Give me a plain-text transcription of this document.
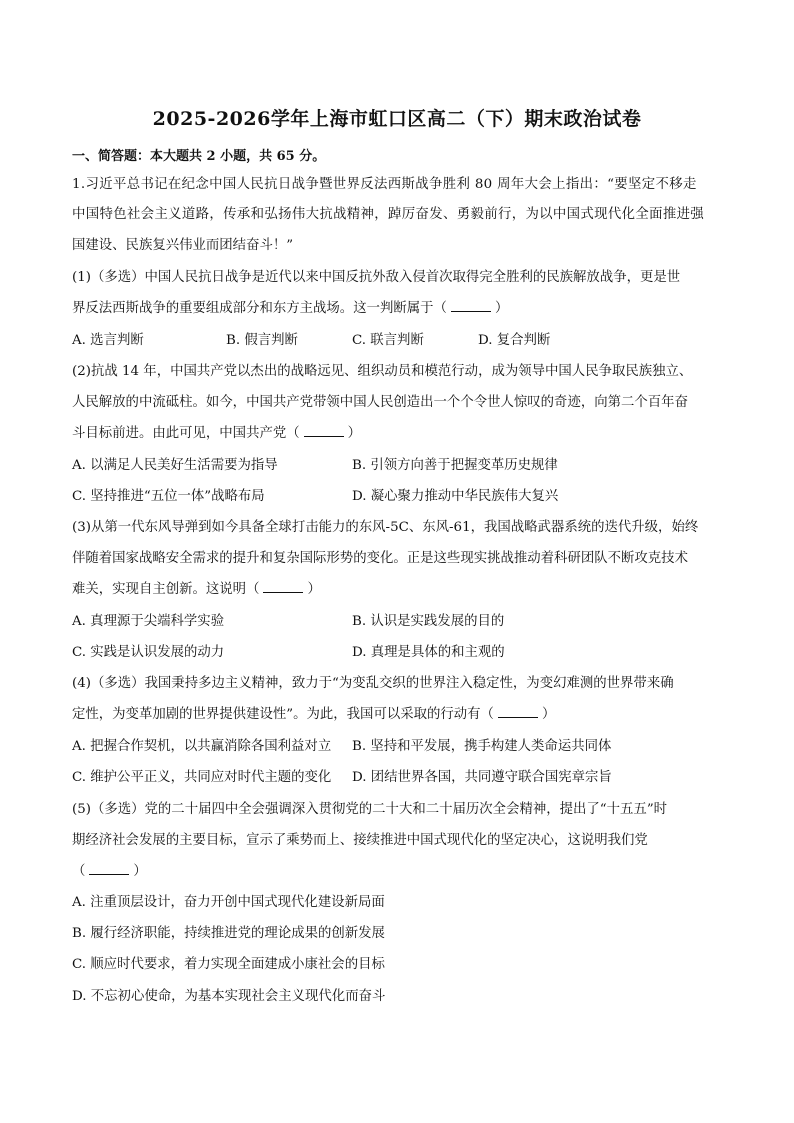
2025-2026学年上海市虹口区高二（下）期末政治试卷
一、简答题：本大题共 2 小题，共 65 分。
1.习近平总书记在纪念中国人民抗日战争暨世界反法西斯战争胜利 80 周年大会上指出：“要坚定不移走
中国特色社会主义道路，传承和弘扬伟大抗战精神，踔厉奋发、勇毅前行，为以中国式现代化全面推进强
国建设、民族复兴伟业而团结奋斗！”
(1)（多选）中国人民抗日战争是近代以来中国反抗外敌入侵首次取得完全胜利的民族解放战争，更是世
界反法西斯战争的重要组成部分和东方主战场。这一判断属于（	）
A. 选言判断	B. 假言判断	C. 联言判断	D. 复合判断
(2)抗战 14 年，中国共产党以杰出的战略远见、组织动员和模范行动，成为领导中国人民争取民族独立、
人民解放的中流砥柱。如今，中国共产党带领中国人民创造出一个个令世人惊叹的奇迹，向第二个百年奋
斗目标前进。由此可见，中国共产党（	）
A. 以满足人民美好生活需要为指导	B. 引领方向善于把握变革历史规律
C. 坚持推进“五位一体”战略布局	D. 凝心聚力推动中华民族伟大复兴
(3)从第一代东风导弹到如今具备全球打击能力的东风-5C、东风-61，我国战略武器系统的迭代升级，始终
伴随着国家战略安全需求的提升和复杂国际形势的变化。正是这些现实挑战推动着科研团队不断攻克技术
难关，实现自主创新。这说明（	）
A. 真理源于尖端科学实验	B. 认识是实践发展的目的
C. 实践是认识发展的动力	D. 真理是具体的和主观的
(4)（多选）我国秉持多边主义精神，致力于“为变乱交织的世界注入稳定性，为变幻难测的世界带来确
定性，为变革加剧的世界提供建设性”。为此，我国可以采取的行动有（	）
A. 把握合作契机，以共赢消除各国利益对立 B. 坚持和平发展，携手构建人类命运共同体
C. 维护公平正义，共同应对时代主题的变化 D. 团结世界各国，共同遵守联合国宪章宗旨
(5)（多选）党的二十届四中全会强调深入贯彻党的二十大和二十届历次全会精神，提出了“十五五”时
期经济社会发展的主要目标，宣示了乘势而上、接续推进中国式现代化的坚定决心，这说明我们党
（	）
A. 注重顶层设计，奋力开创中国式现代化建设新局面
B. 履行经济职能，持续推进党的理论成果的创新发展
C. 顺应时代要求，着力实现全面建成小康社会的目标
D. 不忘初心使命，为基本实现社会主义现代化而奋斗
